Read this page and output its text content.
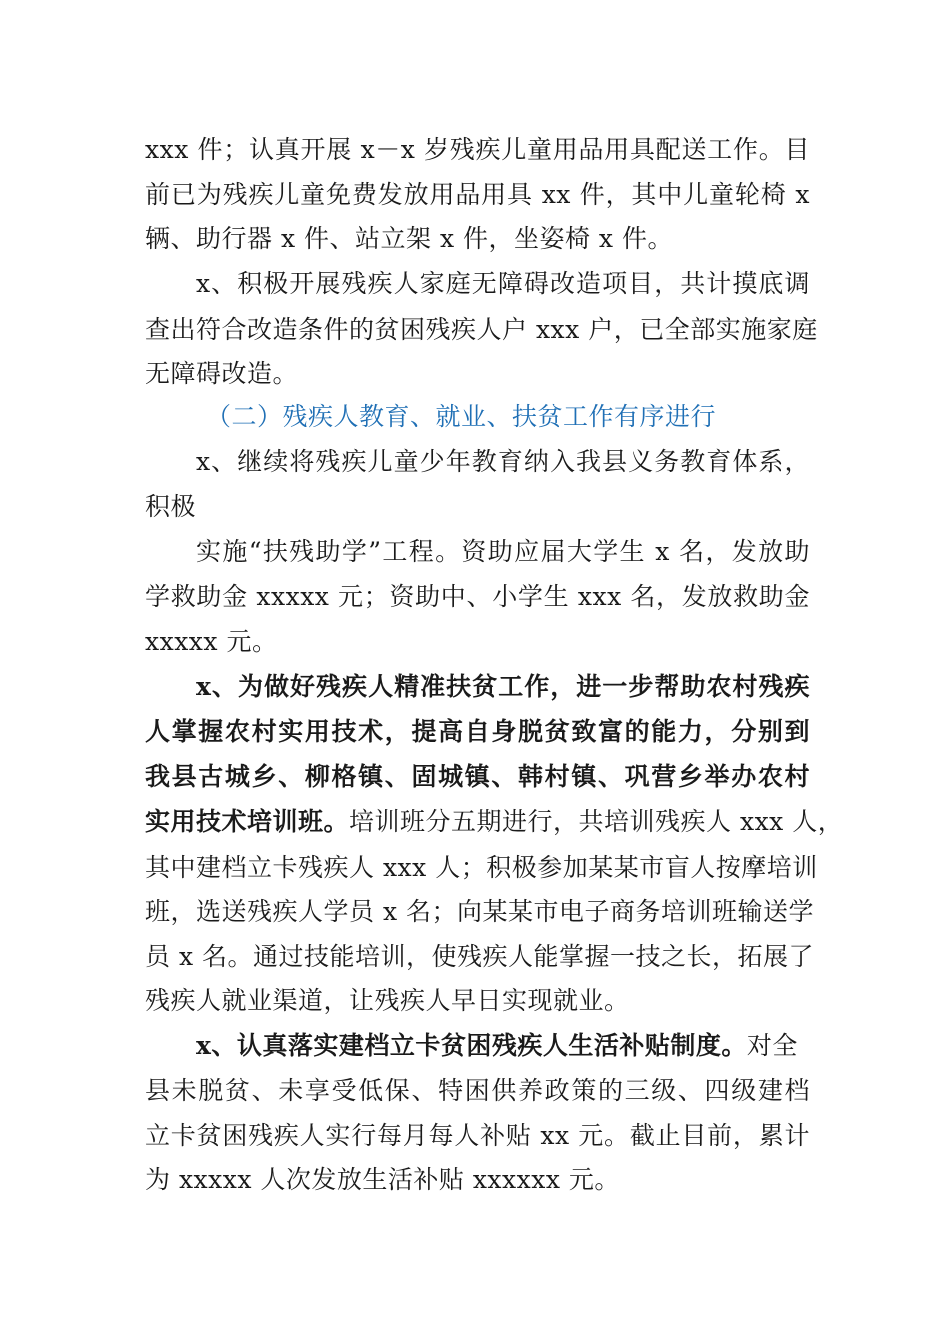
xxx 件；认真开展 x－x 岁残疾儿童用品用具配送工作。目
前已为残疾儿童免费发放用品用具 xx 件，其中儿童轮椅 x
辆、助行器 x 件、站立架 x 件，坐姿椅 x 件。
x、积极开展残疾人家庭无障碍改造项目，共计摸底调
查出符合改造条件的贫困残疾人户 xxx 户，已全部实施家庭
无障碍改造。
（二）残疾人教育、就业、扶贫工作有序进行
x、继续将残疾儿童少年教育纳入我县义务教育体系，
积极
实施“扶残助学”工程。资助应届大学生 x 名，发放助
学救助金 xxxxx 元；资助中、小学生 xxx 名，发放救助金
xxxxx 元。
x、为做好残疾人精准扶贫工作，进一步帮助农村残疾
人掌握农村实用技术，提高自身脱贫致富的能力，分别到
我县古城乡、柳格镇、固城镇、韩村镇、巩营乡举办农村
实用技术培训班。培训班分五期进行，共培训残疾人 xxx 人，
其中建档立卡残疾人 xxx 人；积极参加某某市盲人按摩培训
班，选送残疾人学员 x 名；向某某市电子商务培训班输送学
员 x 名。通过技能培训，使残疾人能掌握一技之长，拓展了
残疾人就业渠道，让残疾人早日实现就业。
x、认真落实建档立卡贫困残疾人生活补贴制度。对全
县未脱贫、未享受低保、特困供养政策的三级、四级建档
立卡贫困残疾人实行每月每人补贴 xx 元。截止目前，累计
为 xxxxx 人次发放生活补贴 xxxxxx 元。
